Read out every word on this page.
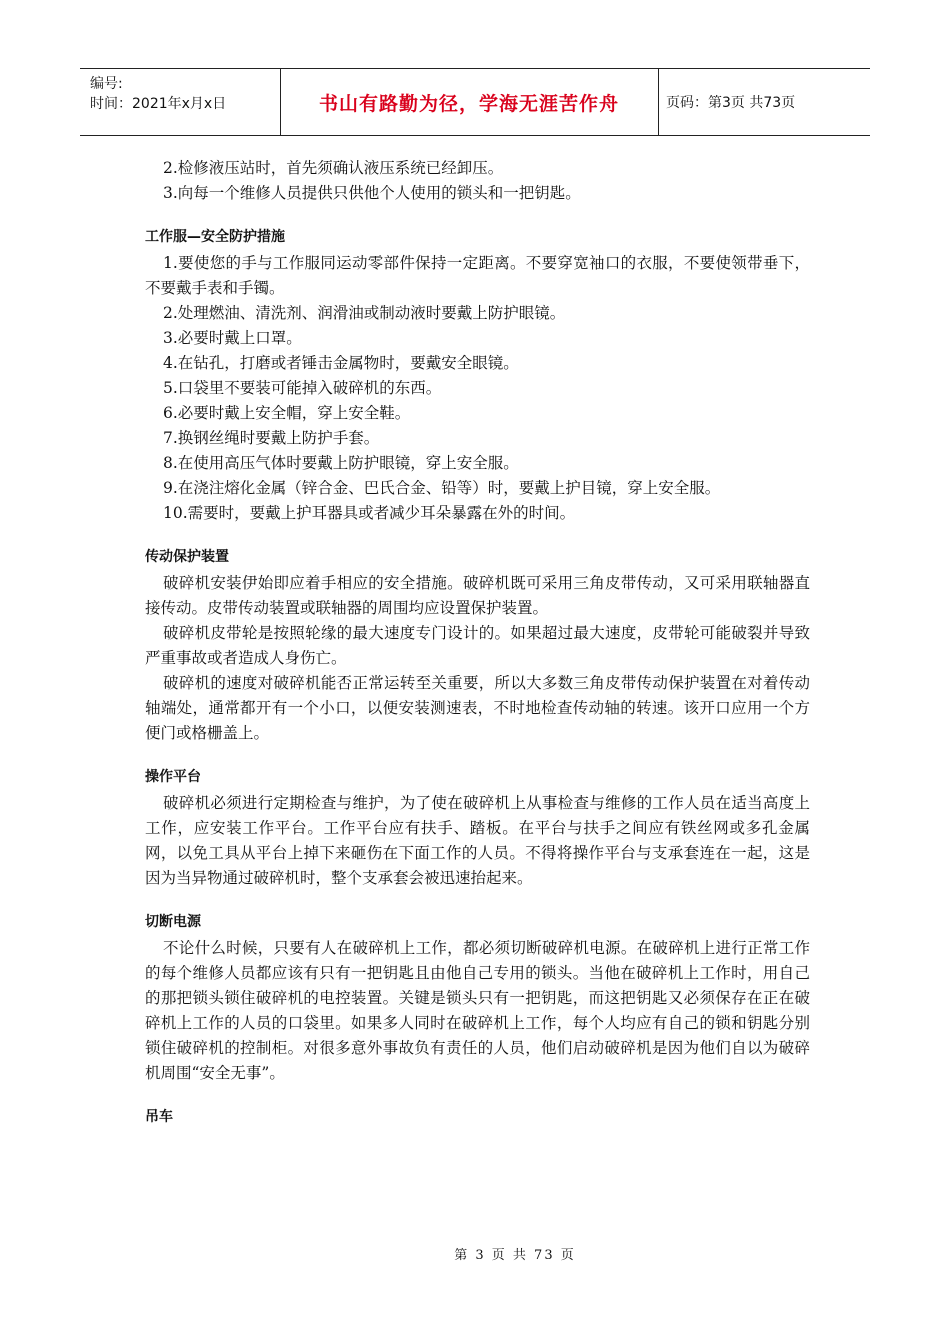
编号:
时间：2021年x月x日	书山有路勤为径，学海无涯苦作舟	页码：第3页 共73页

2.检修液压站时，首先须确认液压系统已经卸压。

3.向每一个维修人员提供只供他个人使用的锁头和一把钥匙。

工作服—安全防护措施

1.要使您的手与工作服同运动零部件保持一定距离。不要穿宽袖口的衣服，不要使领带垂下，不要戴手表和手镯。

2.处理燃油、清洗剂、润滑油或制动液时要戴上防护眼镜。

3.必要时戴上口罩。

4.在钻孔，打磨或者锤击金属物时，要戴安全眼镜。

5.口袋里不要装可能掉入破碎机的东西。

6.必要时戴上安全帽，穿上安全鞋。

7.换钢丝绳时要戴上防护手套。

8.在使用高压气体时要戴上防护眼镜，穿上安全服。

9.在浇注熔化金属（锌合金、巴氏合金、铅等）时，要戴上护目镜，穿上安全服。

10.需要时，要戴上护耳器具或者减少耳朵暴露在外的时间。

传动保护装置

破碎机安装伊始即应着手相应的安全措施。破碎机既可采用三角皮带传动，又可采用联轴器直接传动。皮带传动装置或联轴器的周围均应设置保护装置。

破碎机皮带轮是按照轮缘的最大速度专门设计的。如果超过最大速度，皮带轮可能破裂并导致严重事故或者造成人身伤亡。

破碎机的速度对破碎机能否正常运转至关重要，所以大多数三角皮带传动保护装置在对着传动轴端处，通常都开有一个小口，以便安装测速表，不时地检查传动轴的转速。该开口应用一个方便门或格栅盖上。

操作平台

破碎机必须进行定期检查与维护，为了使在破碎机上从事检查与维修的工作人员在适当高度上工作，应安装工作平台。工作平台应有扶手、踏板。在平台与扶手之间应有铁丝网或多孔金属网，以免工具从平台上掉下来砸伤在下面工作的人员。不得将操作平台与支承套连在一起，这是因为当异物通过破碎机时，整个支承套会被迅速抬起来。

切断电源

不论什么时候，只要有人在破碎机上工作，都必须切断破碎机电源。在破碎机上进行正常工作的每个维修人员都应该有只有一把钥匙且由他自己专用的锁头。当他在破碎机上工作时，用自己的那把锁头锁住破碎机的电控装置。关键是锁头只有一把钥匙，而这把钥匙又必须保存在正在破碎机上工作的人员的口袋里。如果多人同时在破碎机上工作，每个人均应有自己的锁和钥匙分别锁住破碎机的控制柜。对很多意外事故负有责任的人员，他们启动破碎机是因为他们自以为破碎机周围“安全无事”。

吊车
第 3 页 共 73 页
